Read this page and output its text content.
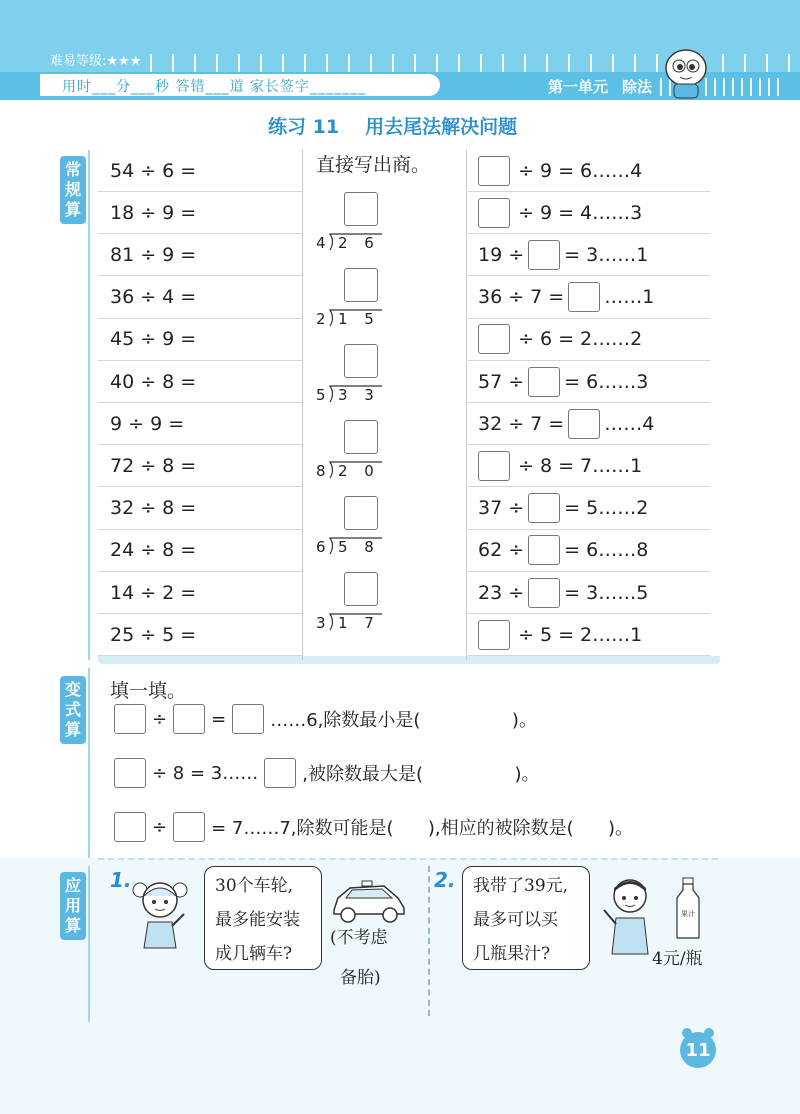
难易等级:★★★
用时___分___秒 答错___道 家长签字_______	第一单元 除法
练习 11 用去尾法解决问题
常规算
变式算
54 ÷ 6 =
18 ÷ 9 =
81 ÷ 9 =
36 ÷ 4 =
45 ÷ 9 =
40 ÷ 8 =
9 ÷ 9 =
72 ÷ 8 =
32 ÷ 8 =
24 ÷ 8 =
14 ÷ 2 =
25 ÷ 5 =
直接写出商。
4 2 6
2 1 5
5 3 3
8 2 0
6 5 8
3 1 7
÷ 9 = 6……4
÷ 9 = 4……3
19 ÷ = 3……1
36 ÷ 7 = ……1
÷ 6 = 2……2
57 ÷ = 6……3
32 ÷ 7 = ……4
÷ 8 = 7……1
37 ÷ = 5……2
62 ÷ = 6……8
23 ÷ = 3……5
÷ 5 = 2……1
填一填。
÷ = ……6,除数最小是(                )。
÷ 8 = 3…… ,被除数最大是(                )。
÷ = 7……7,除数可能是(      ),相应的被除数是(      )。
应用算
1.	30个车轮,
最多能安装
成几辆车?
(不考虑
备胎)
2. 我带了39元,
最多可以买
几瓶果汁?
果汁
4元/瓶
11
